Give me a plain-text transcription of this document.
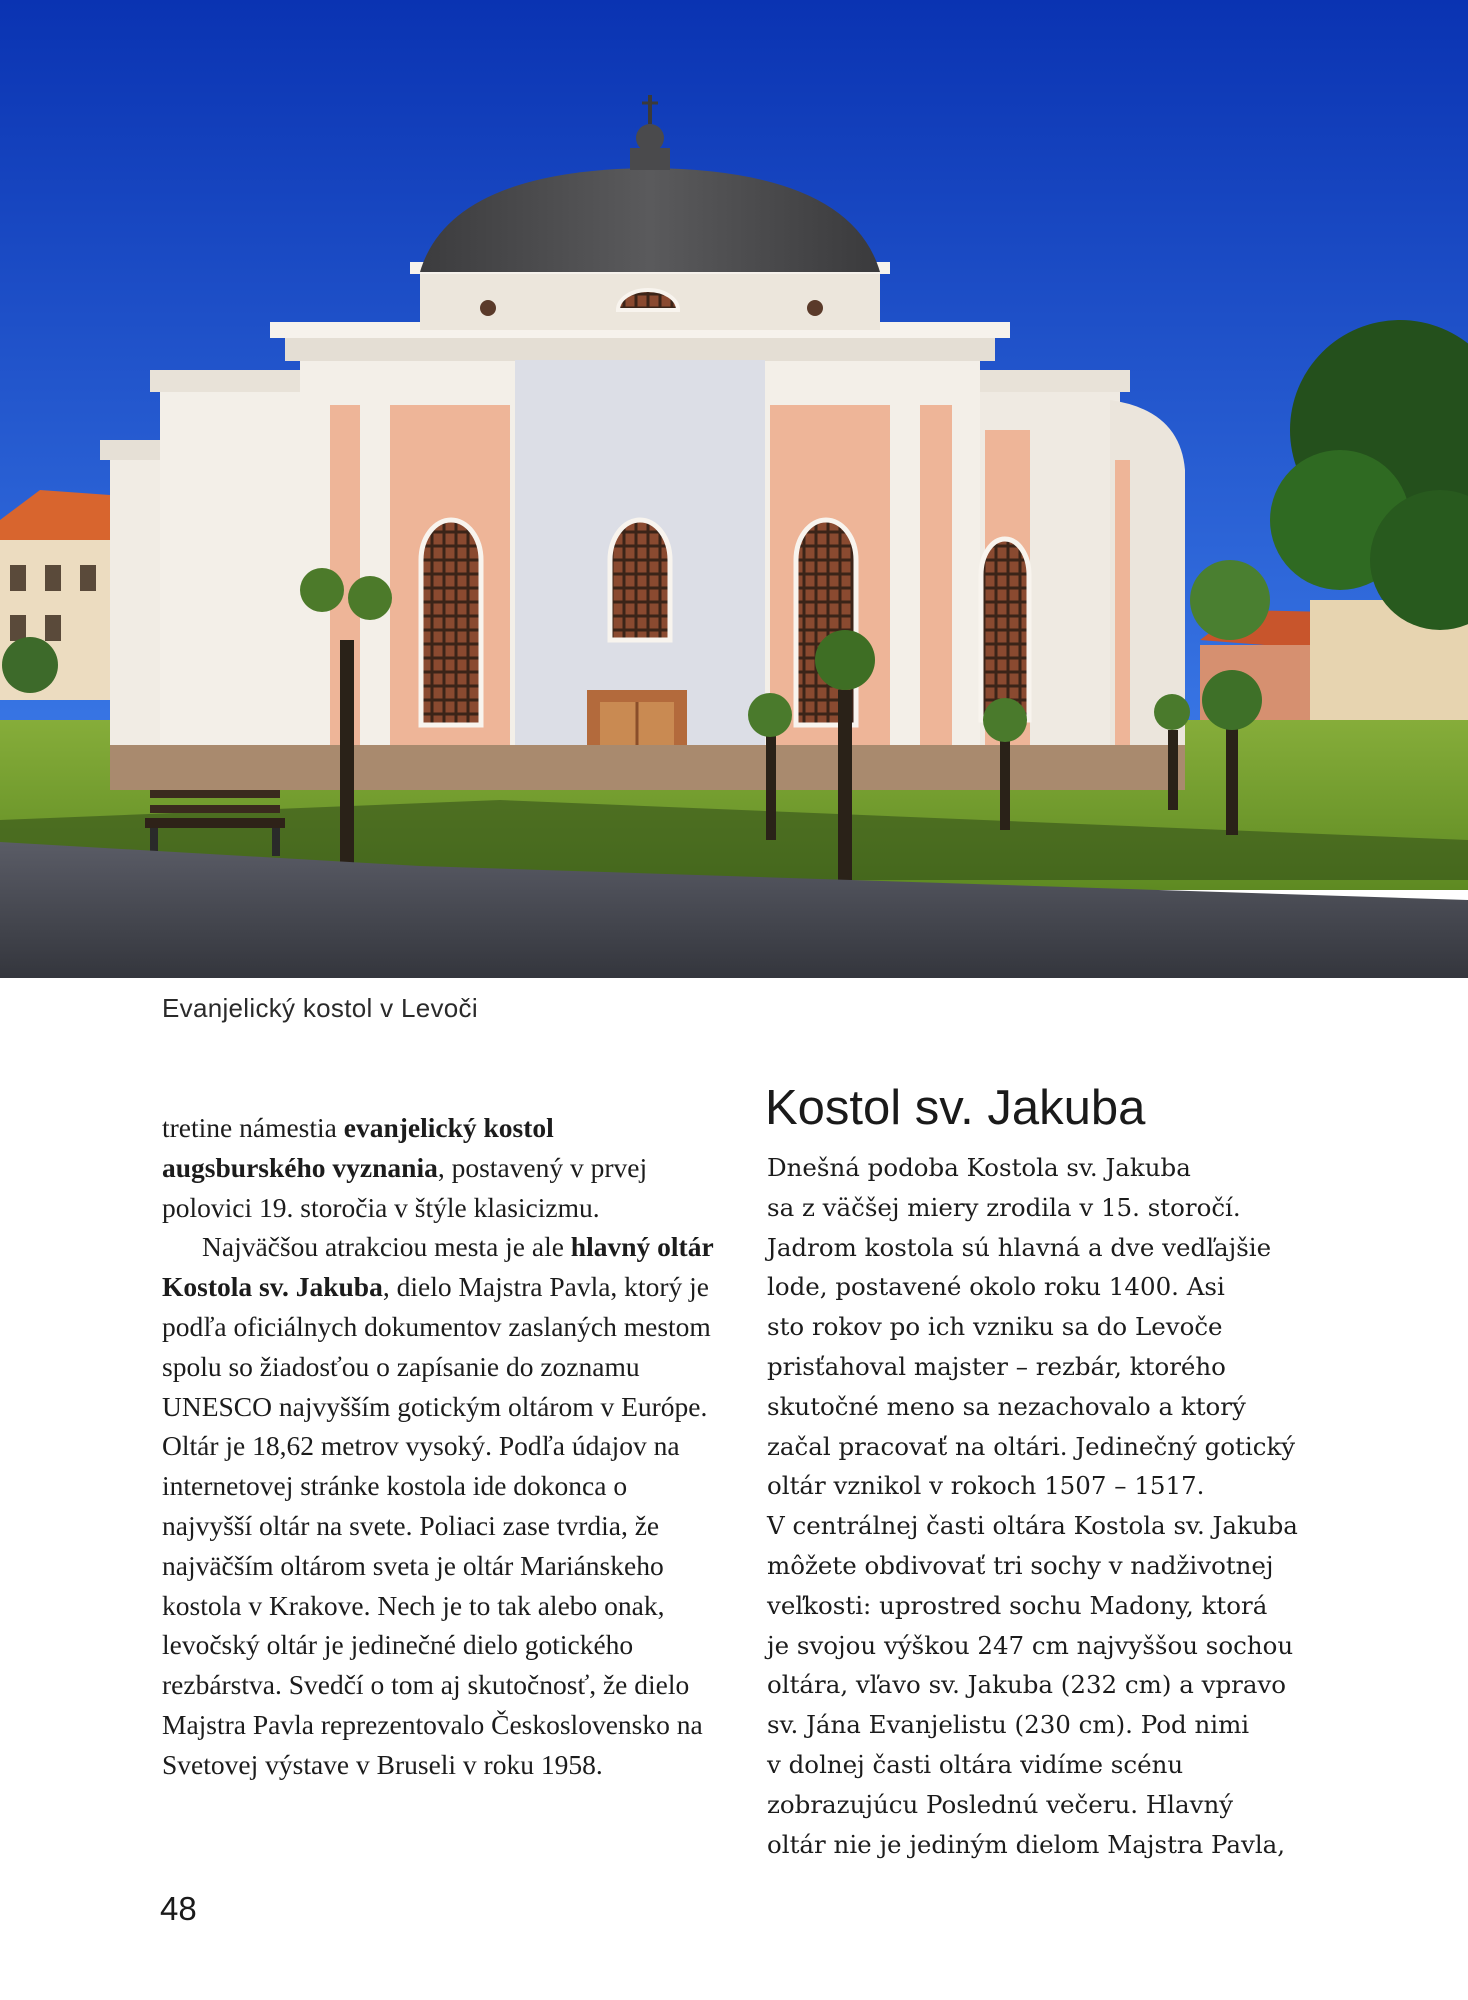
Evanjelický kostol v Levoči

tretine námestia evanjelický kostol augsburského vyznania, postavený v prvej polovici 19. storočia v štýle klasicizmu.

Najväčšou atrakciou mesta je ale hlavný oltár Kostola sv. Jakuba, dielo Majstra Pavla, ktorý je podľa oficiálnych dokumentov zaslaných mestom spolu so žiadosťou o zapísanie do zoznamu UNESCO najvyšším gotickým oltárom v Európe. Oltár je 18,62 metrov vysoký. Podľa údajov na internetovej stránke kostola ide dokonca o najvyšší oltár na svete. Poliaci zase tvrdia, že najväčším oltárom sveta je oltár Mariánskeho kostola v Krakove. Nech je to tak alebo onak, levočský oltár je jedinečné dielo gotického rezbárstva. Svedčí o tom aj skutočnosť, že dielo Majstra Pavla reprezentovalo Československo na Svetovej výstave v Bruseli v roku 1958.

Kostol sv. Jakuba

Dnešná podoba Kostola sv. Jakuba
sa z väčšej miery zrodila v 15. storočí.
Jadrom kostola sú hlavná a dve vedľajšie
lode, postavené okolo roku 1400. Asi
sto rokov po ich vzniku sa do Levoče
prisťahoval majster – rezbár, ktorého
skutočné meno sa nezachovalo a ktorý
začal pracovať na oltári. Jedinečný gotický
oltár vznikol v rokoch 1507 – 1517.
V centrálnej časti oltára Kostola sv. Jakuba
môžete obdivovať tri sochy v nadživotnej
veľkosti: uprostred sochu Madony, ktorá
je svojou výškou 247 cm najvyššou sochou
oltára, vľavo sv. Jakuba (232 cm) a vpravo
sv. Jána Evanjelistu (230 cm). Pod nimi
v dolnej časti oltára vidíme scénu
zobrazujúcu Poslednú večeru. Hlavný
oltár nie je jediným dielom Majstra Pavla,

48
